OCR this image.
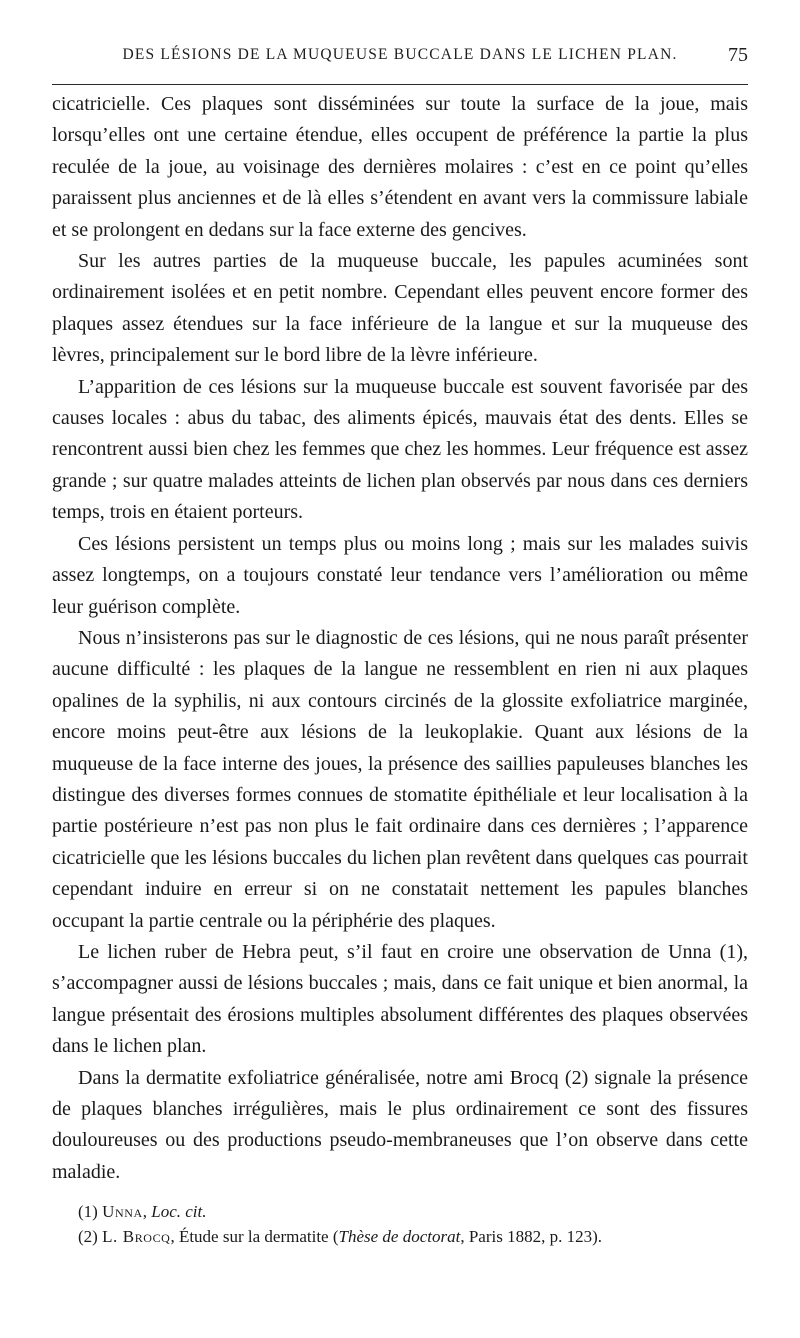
DES LÉSIONS DE LA MUQUEUSE BUCCALE DANS LE LICHEN PLAN.	75

cicatricielle. Ces plaques sont disséminées sur toute la surface de la joue, mais lorsqu’elles ont une certaine étendue, elles occupent de préférence la partie la plus reculée de la joue, au voisinage des dernières molaires : c’est en ce point qu’elles paraissent plus anciennes et de là elles s’étendent en avant vers la commissure labiale et se prolongent en dedans sur la face externe des gencives.

Sur les autres parties de la muqueuse buccale, les papules acuminées sont ordinairement isolées et en petit nombre. Cependant elles peuvent encore former des plaques assez étendues sur la face inférieure de la langue et sur la muqueuse des lèvres, principalement sur le bord libre de la lèvre inférieure.

L’apparition de ces lésions sur la muqueuse buccale est souvent favorisée par des causes locales : abus du tabac, des aliments épicés, mauvais état des dents. Elles se rencontrent aussi bien chez les femmes que chez les hommes. Leur fréquence est assez grande ; sur quatre malades atteints de lichen plan observés par nous dans ces derniers temps, trois en étaient porteurs.

Ces lésions persistent un temps plus ou moins long ; mais sur les malades suivis assez longtemps, on a toujours constaté leur tendance vers l’amélioration ou même leur guérison complète.

Nous n’insisterons pas sur le diagnostic de ces lésions, qui ne nous paraît présenter aucune difficulté : les plaques de la langue ne ressemblent en rien ni aux plaques opalines de la syphilis, ni aux contours circinés de la glossite exfoliatrice marginée, encore moins peut-être aux lésions de la leukoplakie. Quant aux lésions de la muqueuse de la face interne des joues, la présence des saillies papuleuses blanches les distingue des diverses formes connues de stomatite épithéliale et leur localisation à la partie postérieure n’est pas non plus le fait ordinaire dans ces dernières ; l’apparence cicatricielle que les lésions buccales du lichen plan revêtent dans quelques cas pourrait cependant induire en erreur si on ne constatait nettement les papules blanches occupant la partie centrale ou la périphérie des plaques.

Le lichen ruber de Hebra peut, s’il faut en croire une observation de Unna (1), s’accompagner aussi de lésions buccales ; mais, dans ce fait unique et bien anormal, la langue présentait des érosions multiples absolument différentes des plaques observées dans le lichen plan.

Dans la dermatite exfoliatrice généralisée, notre ami Brocq (2) signale la présence de plaques blanches irrégulières, mais le plus ordinairement ce sont des fissures douloureuses ou des productions pseudo-membraneuses que l’on observe dans cette maladie.

(1) Unna, Loc. cit.
(2) L. Brocq, Étude sur la dermatite (Thèse de doctorat, Paris 1882, p. 123).
